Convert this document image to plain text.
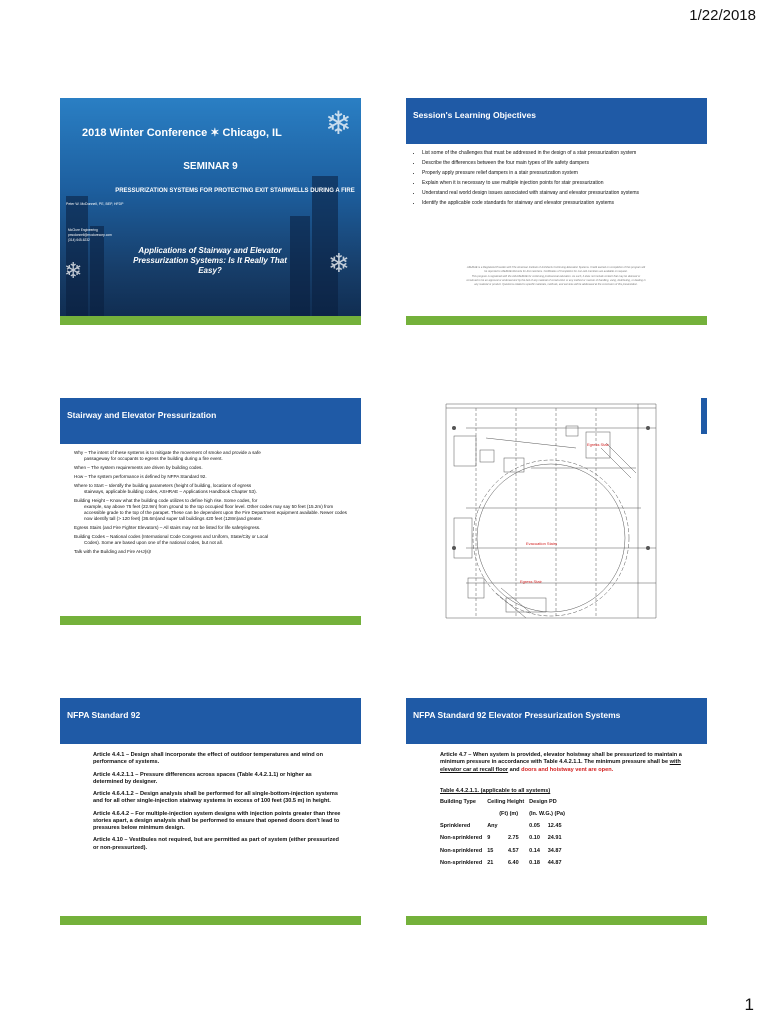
1/22/2018
❄
❄
❄
2018 Winter Conference ✶ Chicago, IL
SEMINAR 9
PRESSURIZATION SYSTEMS FOR PROTECTING EXIT STAIRWELLS DURING A FIRE
Peter W. McDonnell, PE, BEP, HFDP
McClure Engineering
pmcdonnell@mcclurecorp.com
(314) 645-6232
Applications of Stairway and Elevator Pressurization Systems: Is It Really That Easy?
Session's Learning Objectives
• List some of the challenges that must be addressed in the design of a stair pressurization system
• Describe the differences between the four main types of life safety dampers
• Properly apply pressure relief dampers in a stair pressurization system
• Explain when it is necessary to use multiple injection points for stair pressurization
• Understand real world design issues associated with stairway and elevator pressurization systems
• Identify the applicable code standards for stairway and elevator pressurization systems

ASHRAE is a Registered Provider with The American Institute of Architects Continuing Education Systems. Credit earned on completion of this program will be reported to ASHRAE Records for AIA members. Certificates of Completion for non-AIA members are available on request.

This program is registered with the AIA/ASHRAE for continuing professional education. As such, it does not include content that may be deemed or construed to be an approval or endorsement by the AIA of any material of construction or any method or manner of handling, using, distributing, or dealing in any material or product. Questions related to specific materials, methods, and services will be addressed at the conclusion of this presentation.

Stairway and Elevator Pressurization
Why – The intent of these systems is to mitigate the movement of smoke and provide a safe
passageway for occupants to egress the building during a fire event.
When – The system requirements are driven by building codes.
How – The system performance is defined by NFPA Standard 92.
Where to Start – Identify the building parameters (height of building, locations of egress
stairways, applicable building codes, ASHRAE – Applications Handbook Chapter 53).
Building Height – Know what the building code utilizes to define high rise. Some codes, for
example, say above 75 feet (22.9m) from ground to the top occupied floor level. Other codes may say 50 feet (15.2m) from accessible grade to the top of the parapet. These can be dependent upon the Fire Department equipment available. Newer codes now identify tall (> 120 feet) (36.6m)and super tall buildings 420 feet (128m)and greater.
Egress Stairs (and Fire Fighter Elevators) – All stairs may not be listed for life safety/egress.
Building Codes – National codes (International Code Congress and Uniform, State/City or Local
Codes). Some are based upon one of the national codes, but not all.
Talk with the Building and Fire AHJ(s)!
Egress Stair
Evacuation Stairs
Egress Stair
NFPA Standard 92

Article 4.4.1 – Design shall incorporate the effect of outdoor temperatures and wind on performance of systems.

Article 4.4.2.1.1 – Pressure differences across spaces (Table 4.4.2.1.1) or higher as determined by designer.

Article 4.6.4.1.2 – Design analysis shall be performed for all single-bottom-injection systems and for all other single-injection stairway systems in excess of 100 feet (30.5 m) in height.

Article 4.6.4.2 – For multiple-injection system designs with injection points greater than three stories apart, a design analysis shall be performed to ensure that opened doors don't lead to pressures below minimum design.

Article 4.10 – Vestibules not required, but are permitted as part of system (either pressurized or non-pressurized).

NFPA Standard 92 Elevator Pressurization Systems
Article 4.7 – When system is provided, elevator hoistway shall be pressurized to maintain a minimum pressure in accordance with Table 4.4.2.1.1. The minimum pressure shall be with elevator car at recall floor and doors and hoistway vent are open.
Table 4.4.2.1.1. (applicable to all systems)
Building Type	Ceiling Height		Design PD	
	(Ft) (m)		(In. W.G.) (Pa)	
Sprinklered	Any		0.05	12.45
Non-sprinklered	9	2.75	0.10	24.91
Non-sprinklered	15	4.57	0.14	34.87
Non-sprinklered	21	6.40	0.18	44.87
1
